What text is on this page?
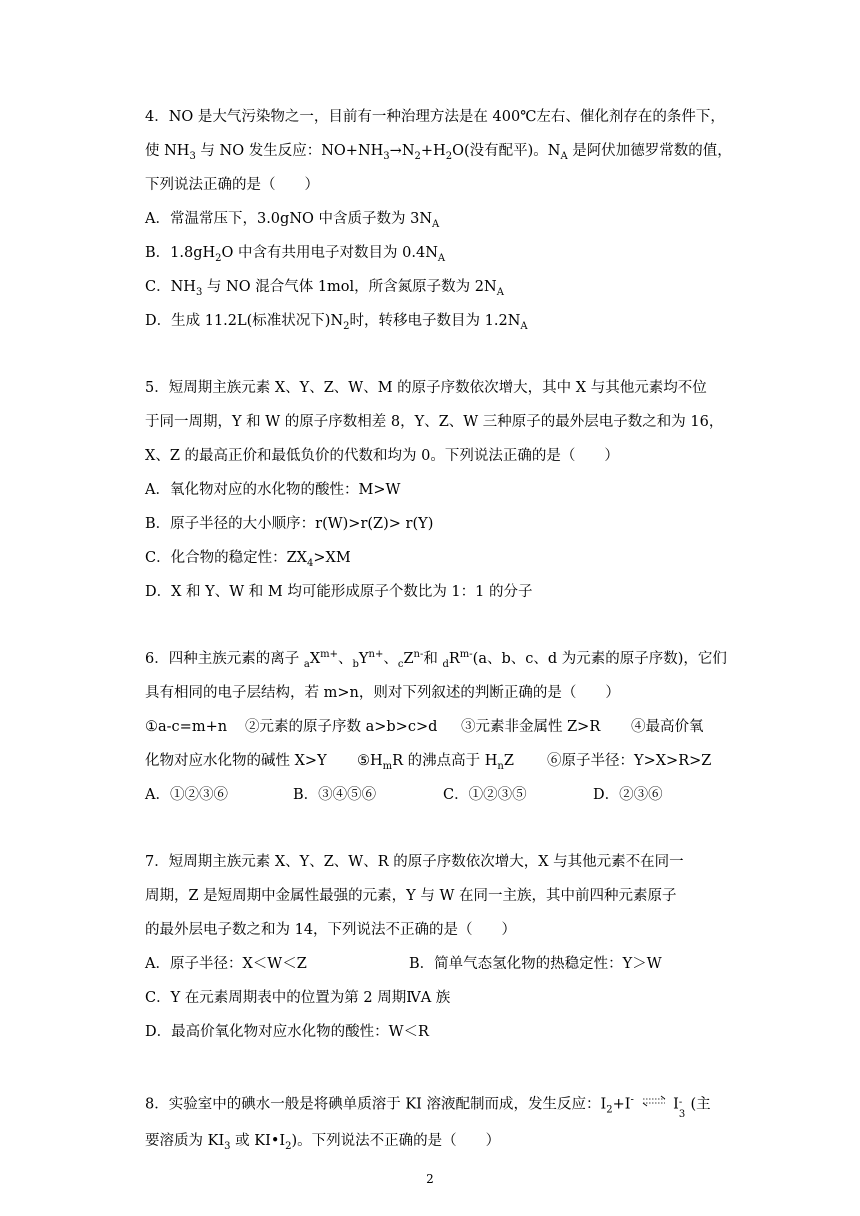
4．NO 是大气污染物之一，目前有一种治理方法是在 400℃左右、催化剂存在的条件下，
使 $NH_3$ 与 NO 发生反应：$NO+NH_3\to N_2+H_2O$(没有配平)。$N_A$ 是阿伏加德罗常数的值，
下列说法正确的是（　　）
A．常温常压下，3.0gNO 中含质子数为 $3N_A$
B．$1.8gH_2O$ 中含有共用电子对数目为 $0.4N_A$
C．$NH_3$ 与 NO 混合气体 1mol，所含氮原子数为 $2N_A$
D．生成 11.2L(标准状况下)$N_2$时，转移电子数目为 $1.2N_A$
5．短周期主族元素 X、Y、Z、W、M 的原子序数依次增大，其中 X 与其他元素均不位
于同一周期，Y 和 W 的原子序数相差 8，Y、Z、W 三种原子的最外层电子数之和为 16，
X、Z 的最高正价和最低负价的代数和均为 0。下列说法正确的是（　　）
A．氧化物对应的水化物的酸性：M>W
B．原子半径的大小顺序：r(W)>r(Z)> r(Y)
C．化合物的稳定性：$ZX_4>XM$
D．X 和 Y、W 和 M 均可能形成原子个数比为 1：1 的分子
6．四种主族元素的离子 $_aX^{m+}$、$_bY^{n+}$、$_cZ^{n-}$和 $_dR^{m-}(a$、b、c、d 为元素的原子序数)，它们
具有相同的电子层结构，若 m>n，则对下列叙述的判断正确的是（　　）
①a-c=m+n ②元素的原子序数 a>b>c>d ③元素非金属性 Z>R ④最高价氧
化物对应水化物的碱性 X>Y $⑤H_mR$ 的沸点高于 $H_nZ$ ⑥原子半径：Y>X>R>Z
A．①②③⑥	B．③④⑤⑥	C．①②③⑤	D．②③⑥
7．短周期主族元素 X、Y、Z、W、R 的原子序数依次增大，X 与其他元素不在同一
周期，Z 是短周期中金属性最强的元素，Y 与 W 在同一主族，其中前四种元素原子
的最外层电子数之和为 14，下列说法不正确的是（　　）
A．原子半径：X＜W＜Z	B．简单气态氢化物的热稳定性：Y＞W
C．Y 在元素周期表中的位置为第 2 周期ⅣA 族
D．最高价氧化物对应水化物的酸性：W＜R
8．实验室中的碘水一般是将碘单质溶于 KI 溶液配制而成，发生反应：$I_2+I^-$ ⇌ I -
3
(主
要溶质为 $KI_3$ 或 $KI•I_2$)。下列说法不正确的是（　　）
2
